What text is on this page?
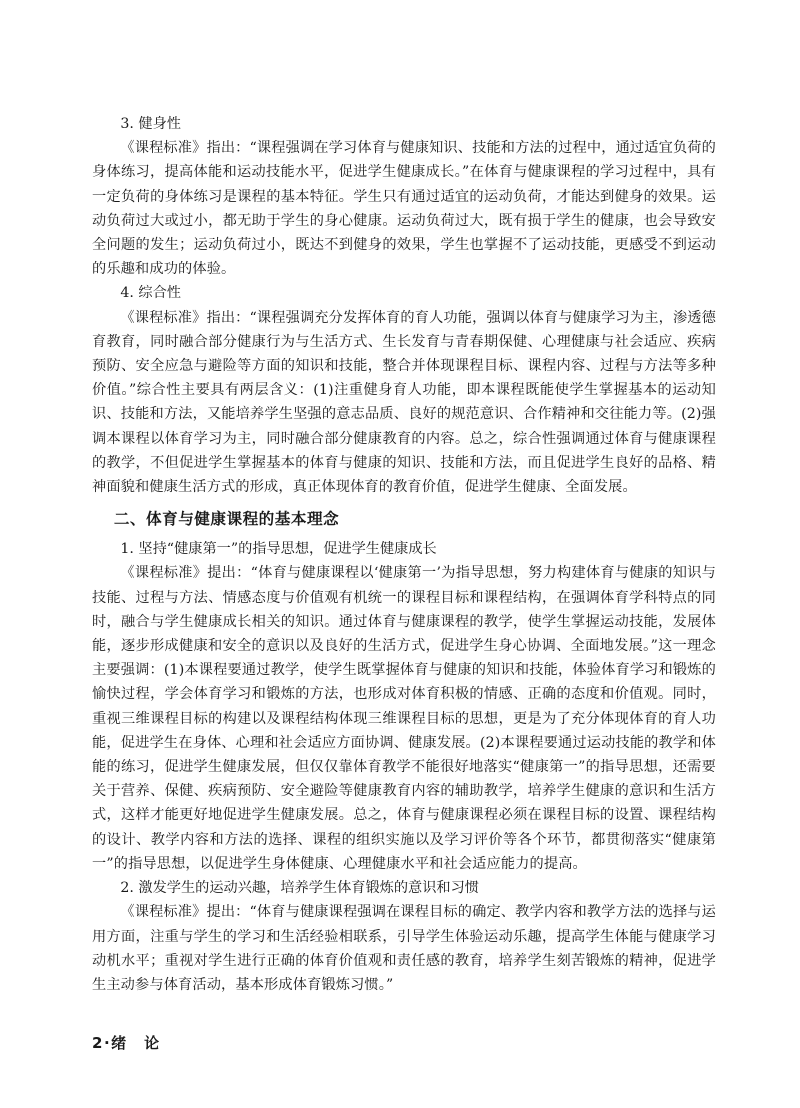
3. 健身性

《课程标准》指出：“课程强调在学习体育与健康知识、技能和方法的过程中，通过适宜负荷的身体练习，提高体能和运动技能水平，促进学生健康成长。”在体育与健康课程的学习过程中，具有一定负荷的身体练习是课程的基本特征。学生只有通过适宜的运动负荷，才能达到健身的效果。运动负荷过大或过小，都无助于学生的身心健康。运动负荷过大，既有损于学生的健康，也会导致安全问题的发生；运动负荷过小，既达不到健身的效果，学生也掌握不了运动技能，更感受不到运动的乐趣和成功的体验。

4. 综合性

《课程标准》指出：“课程强调充分发挥体育的育人功能，强调以体育与健康学习为主，渗透德育教育，同时融合部分健康行为与生活方式、生长发育与青春期保健、心理健康与社会适应、疾病预防、安全应急与避险等方面的知识和技能，整合并体现课程目标、课程内容、过程与方法等多种价值。”综合性主要具有两层含义：(1)注重健身育人功能，即本课程既能使学生掌握基本的运动知识、技能和方法，又能培养学生坚强的意志品质、良好的规范意识、合作精神和交往能力等。(2)强调本课程以体育学习为主，同时融合部分健康教育的内容。总之，综合性强调通过体育与健康课程的教学，不但促进学生掌握基本的体育与健康的知识、技能和方法，而且促进学生良好的品格、精神面貌和健康生活方式的形成，真正体现体育的教育价值，促进学生健康、全面发展。

二、体育与健康课程的基本理念

1. 坚持“健康第一”的指导思想，促进学生健康成长

《课程标准》提出：“体育与健康课程以‘健康第一’为指导思想，努力构建体育与健康的知识与技能、过程与方法、情感态度与价值观有机统一的课程目标和课程结构，在强调体育学科特点的同时，融合与学生健康成长相关的知识。通过体育与健康课程的教学，使学生掌握运动技能，发展体能，逐步形成健康和安全的意识以及良好的生活方式，促进学生身心协调、全面地发展。”这一理念主要强调：(1)本课程要通过教学，使学生既掌握体育与健康的知识和技能，体验体育学习和锻炼的愉快过程，学会体育学习和锻炼的方法，也形成对体育积极的情感、正确的态度和价值观。同时，重视三维课程目标的构建以及课程结构体现三维课程目标的思想，更是为了充分体现体育的育人功能，促进学生在身体、心理和社会适应方面协调、健康发展。(2)本课程要通过运动技能的教学和体能的练习，促进学生健康发展，但仅仅靠体育教学不能很好地落实“健康第一”的指导思想，还需要关于营养、保健、疾病预防、安全避险等健康教育内容的辅助教学，培养学生健康的意识和生活方式，这样才能更好地促进学生健康发展。总之，体育与健康课程必须在课程目标的设置、课程结构的设计、教学内容和方法的选择、课程的组织实施以及学习评价等各个环节，都贯彻落实“健康第一”的指导思想，以促进学生身体健康、心理健康水平和社会适应能力的提高。

2. 激发学生的运动兴趣，培养学生体育锻炼的意识和习惯

《课程标准》提出：“体育与健康课程强调在课程目标的确定、教学内容和教学方法的选择与运用方面，注重与学生的学习和生活经验相联系，引导学生体验运动乐趣，提高学生体能与健康学习动机水平；重视对学生进行正确的体育价值观和责任感的教育，培养学生刻苦锻炼的精神，促进学生主动参与体育活动，基本形成体育锻炼习惯。”

2·绪论
